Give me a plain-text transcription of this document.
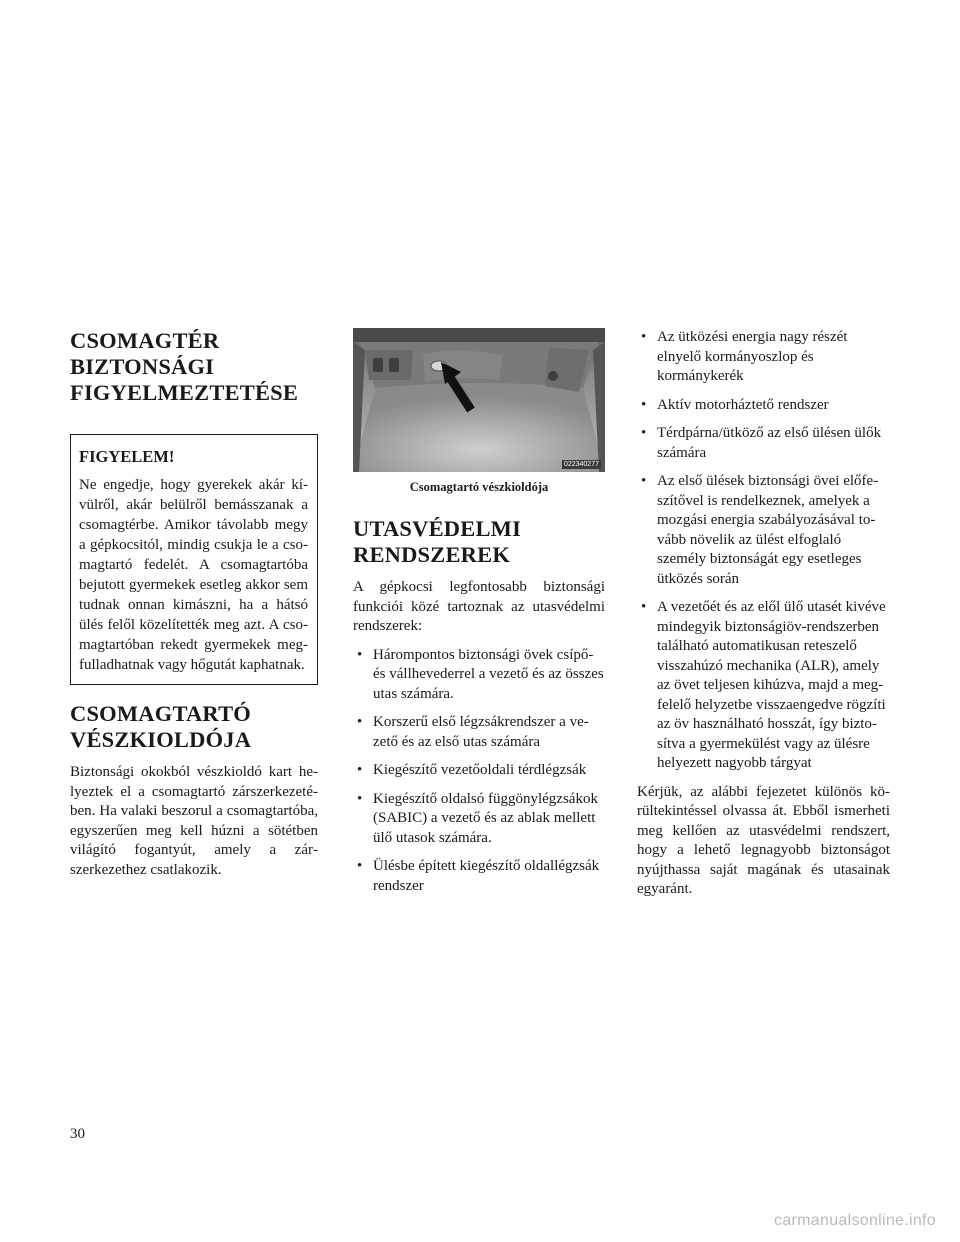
CSOMAGTÉR BIZTONSÁGI FIGYELMEZTETÉSE

FIGYELEM!

Ne engedje, hogy gyerekek akár kívülről, akár belülről bemásszanak a csomagtérbe. Amikor távolabb megy a gépkocsitól, mindig csukja le a csomagtartó fedelét. A csomagtartóba bejutott gyermekek esetleg akkor sem tudnak onnan kimászni, ha a hátsó ülés felől közelítették meg azt. A csomagtartóban rekedt gyermekek megfulladhatnak vagy hőgutát kaphatnak.

CSOMAGTARTÓ VÉSZKIOLDÓJA

Biztonsági okokból vészkioldó kart helyeztek el a csomagtartó zárszerkezetében. Ha valaki beszorul a csomagtartóba, egyszerűen meg kell húzni a sötétben világító fogantyút, amely a zárszerkezethez csatlakozik.

022340277

Csomagtartó vészkioldója

UTASVÉDELMI RENDSZEREK

A gépkocsi legfontosabb biztonsági funkciói közé tartoznak az utasvédelmi rendszerek:

• Hárompontos biztonsági övek csípő- és vállhevederrel a vezető és az összes utas számára.
• Korszerű első légzsákrendszer a vezető és az első utas számára
• Kiegészítő vezetőoldali térdlégzsák
• Kiegészítő oldalsó függönylégzsákok (SABIC) a vezető és az ablak mellett ülő utasok számára.
• Ülésbe épített kiegészítő oldallégzsák rendszer
• Az ütközési energia nagy részét elnyelő kormányoszlop és kormánykerék
• Aktív motorháztető rendszer
• Térdpárna/ütköző az első ülésen ülők számára
• Az első ülések biztonsági övei előfeszítővel is rendelkeznek, amelyek a mozgási energia szabályozásával tovább növelik az ülést elfoglaló személy biztonságát egy esetleges ütközés során
• A vezetőét és az elől ülő utasét kivéve mindegyik biztonságiöv-rendszerben található automatikusan reteszelő visszahúzó mechanika (ALR), amely az övet teljesen kihúzva, majd a megfelelő helyzetbe visszaengedve rögzíti az öv használható hosszát, így biztosítva a gyermekülést vagy az ülésre helyezett nagyobb tárgyat

Kérjük, az alábbi fejezetet különös körültekintéssel olvassa át. Ebből ismerheti meg kellően az utasvédelmi rendszert, hogy a lehető legnagyobb biztonságot nyújthassa saját magának és utasainak egyaránt.

30
carmanualsonline.info
